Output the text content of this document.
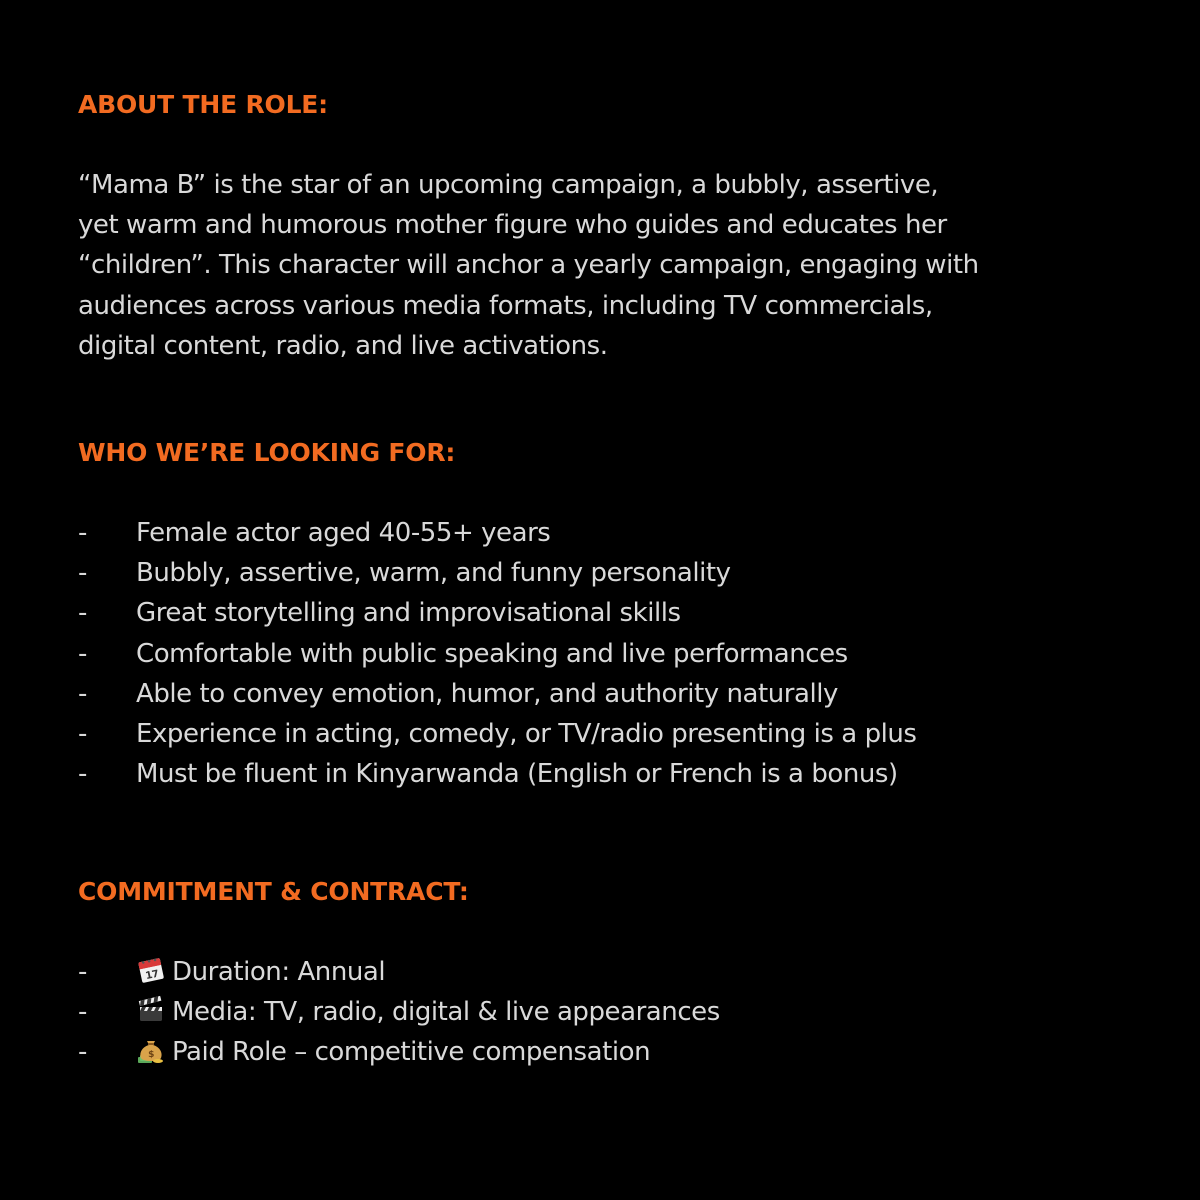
ABOUT THE ROLE:

“Mama B” is the star of an upcoming campaign, a bubbly, assertive,
yet warm and humorous mother figure who guides and educates her
“children”. This character will anchor a yearly campaign, engaging with
audiences across various media formats, including TV commercials,
digital content, radio, and live activations.

WHO WE’RE LOOKING FOR:
-	Female actor aged 40-55+ years
-	Bubbly, assertive, warm, and funny personality
-	Great storytelling and improvisational skills
-	Comfortable with public speaking and live performances
-	Able to convey emotion, humor, and authority naturally
-	Experience in acting, comedy, or TV/radio presenting is a plus
-	Must be fluent in Kinyarwanda (English or French is a bonus)
COMMITMENT & CONTRACT:
-	17 Duration: Annual
-	Media: TV, radio, digital & live appearances
-	$ Paid Role – competitive compensation
